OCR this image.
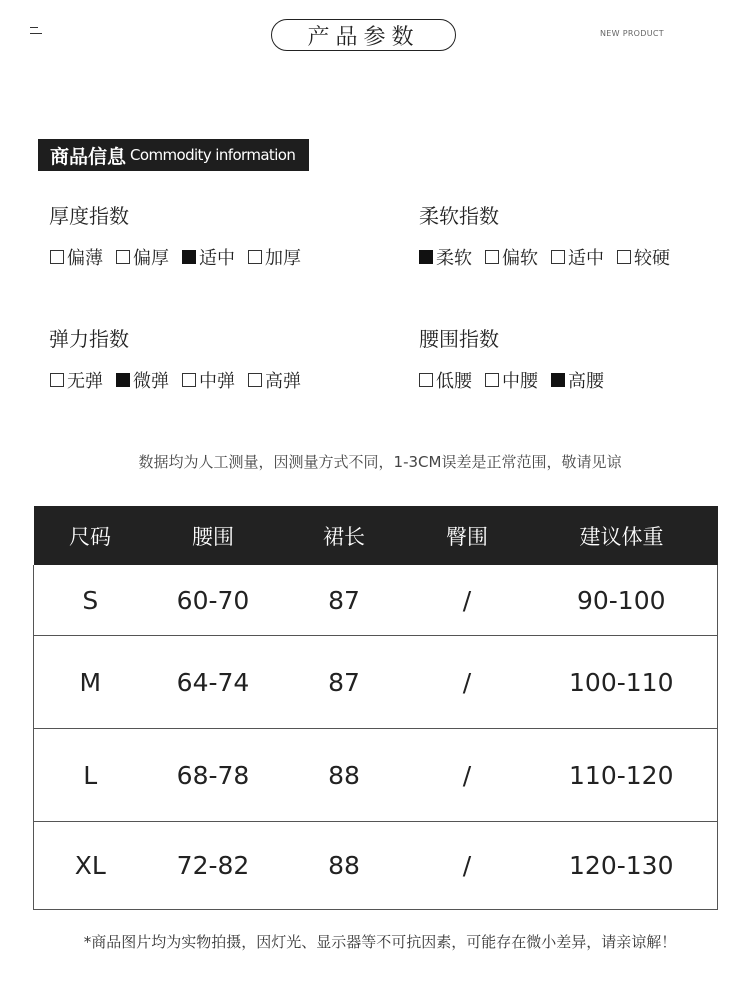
产品参数	NEW PRODUCT
商品信息 Commodity information
厚度指数
偏薄 偏厚 适中 加厚
柔软指数
柔软 偏软 适中 较硬
弹力指数
无弹 微弹 中弹 高弹
腰围指数
低腰 中腰 高腰
数据均为人工测量，因测量方式不同，1-3CM误差是正常范围，敬请见谅
尺码	腰围	裙长	臀围	建议体重
S	60-70	87	/	90-100
M	64-74	87	/	100-110
L	68-78	88	/	110-120
XL	72-82	88	/	120-130
*商品图片均为实物拍摄，因灯光、显示器等不可抗因素，可能存在微小差异，请亲谅解！
